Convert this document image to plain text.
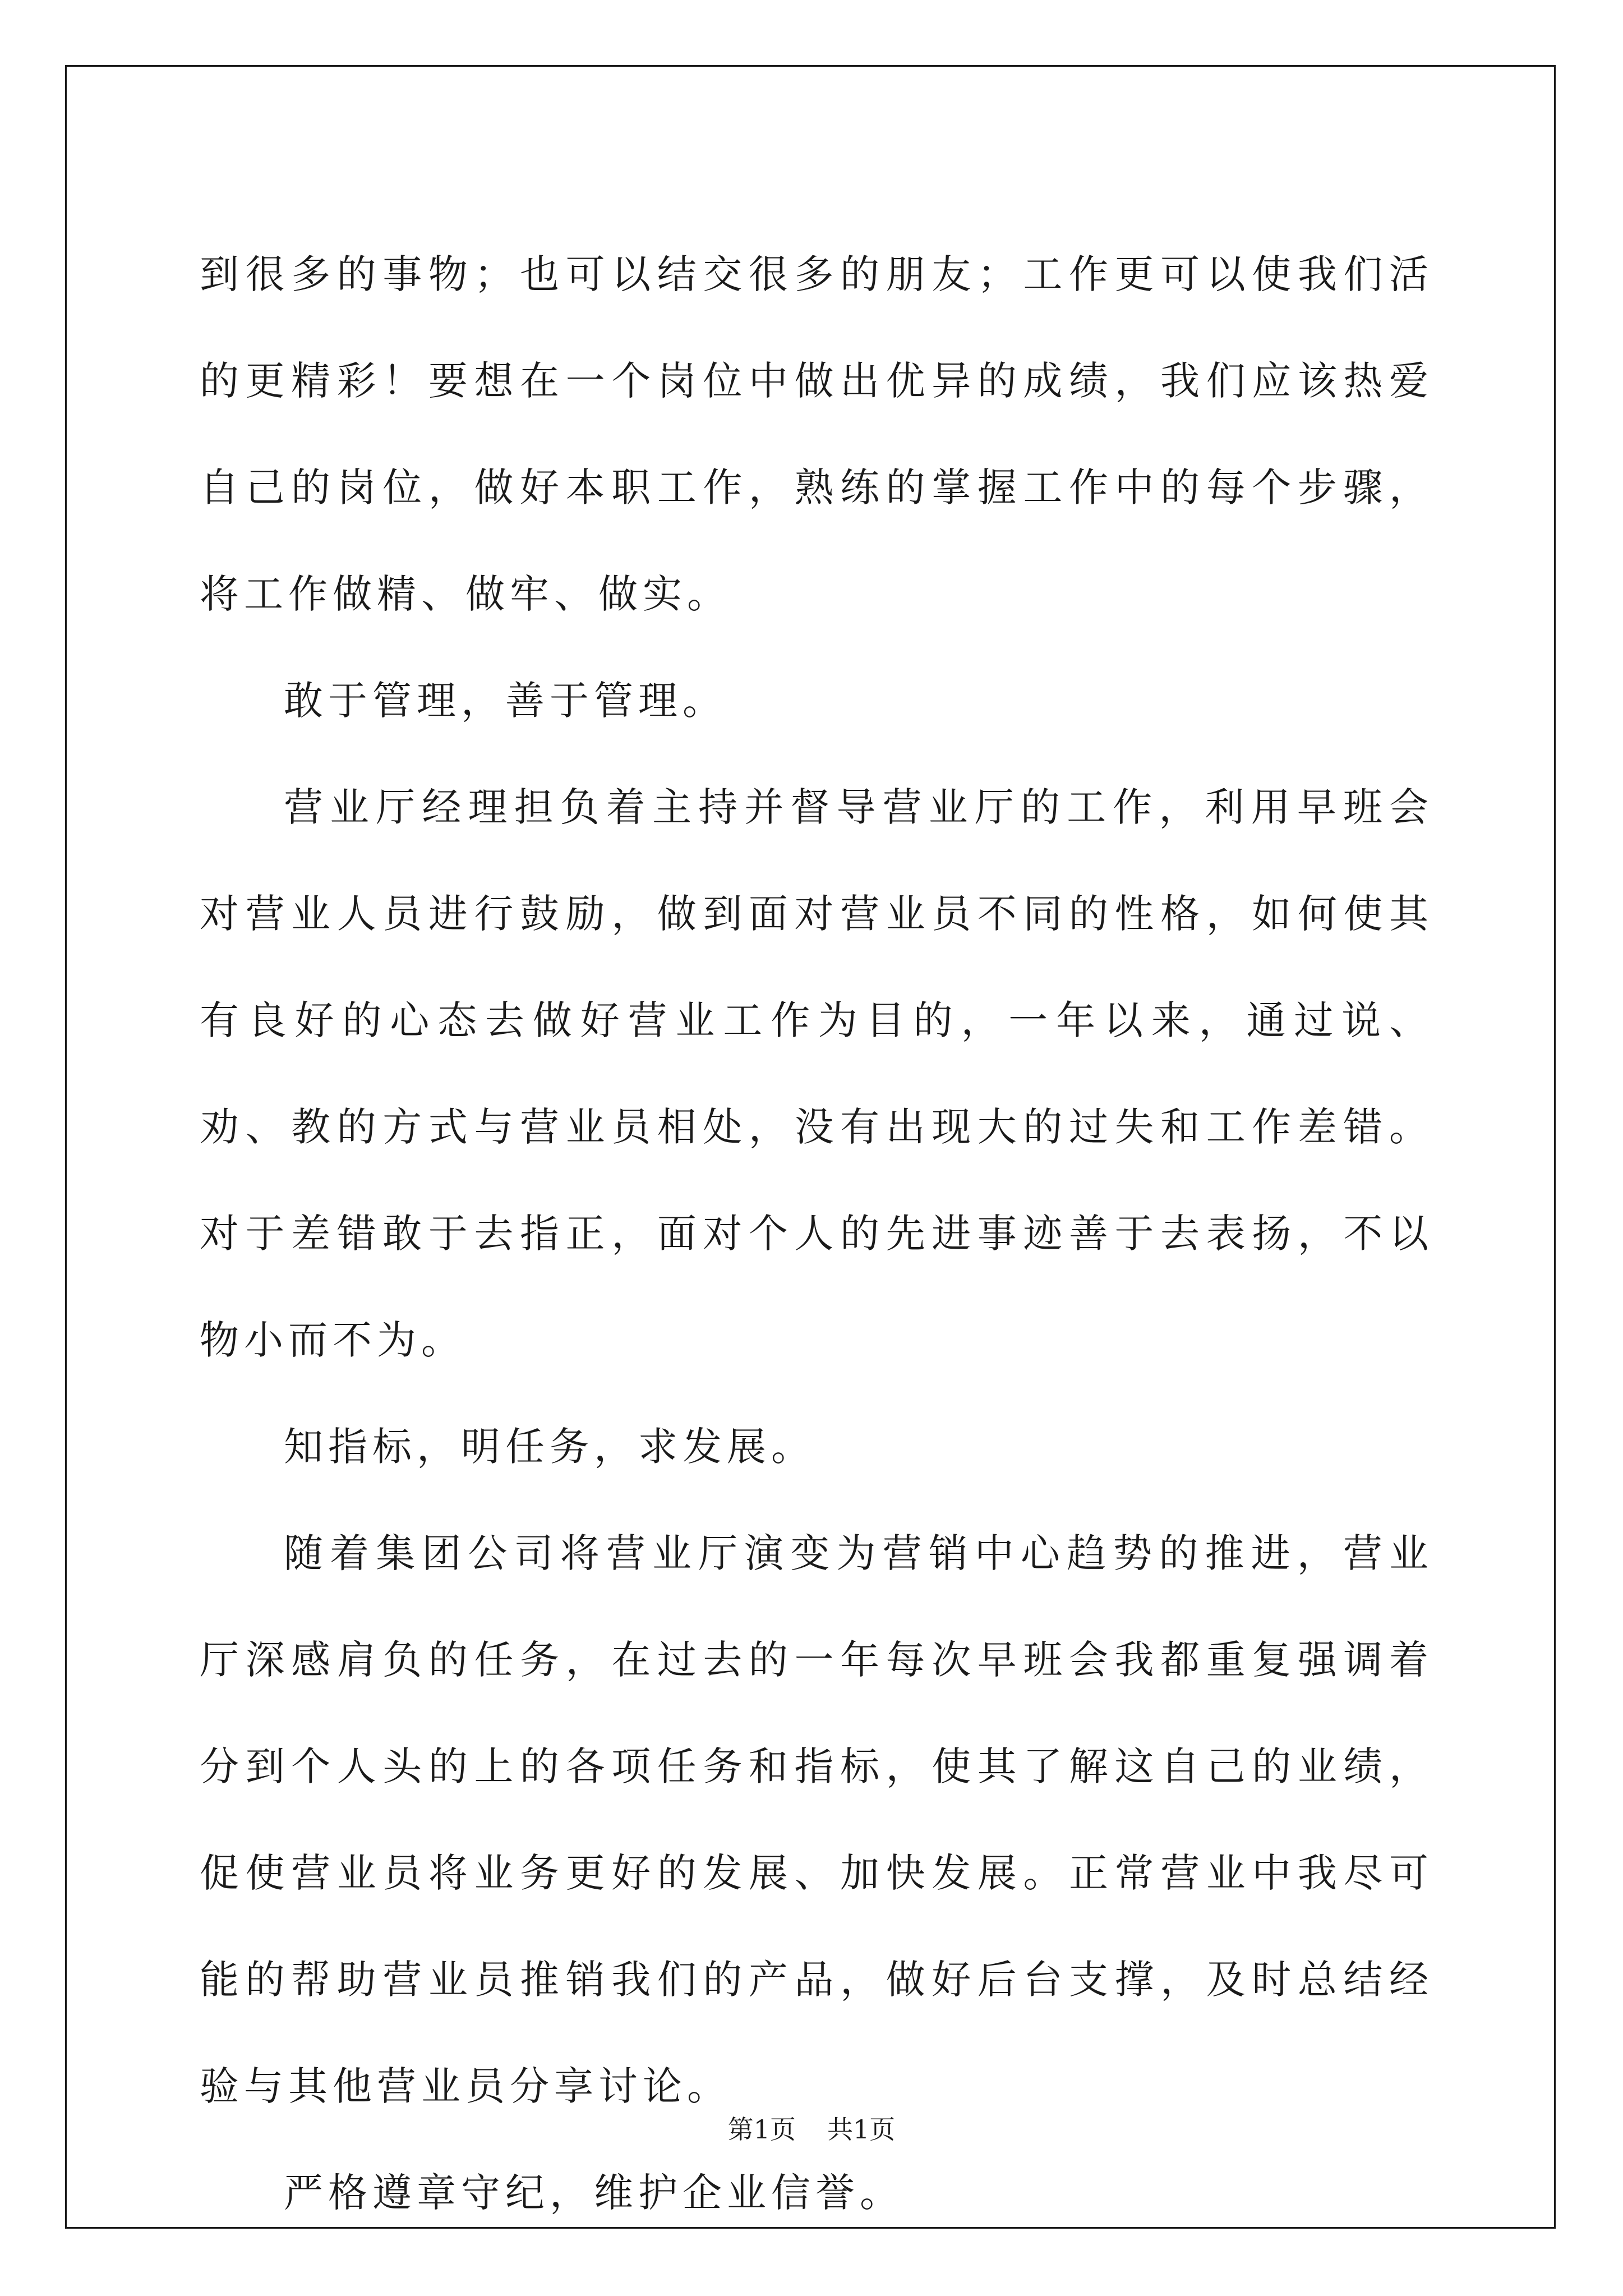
到很多的事物；也可以结交很多的朋友；工作更可以使我们活的更精彩！要想在一个岗位中做出优异的成绩，我们应该热爱自己的岗位，做好本职工作，熟练的掌握工作中的每个步骤，将工作做精、做牢、做实。

敢于管理，善于管理。

营业厅经理担负着主持并督导营业厅的工作，利用早班会对营业人员进行鼓励，做到面对营业员不同的性格，如何使其有良好的心态去做好营业工作为目的，一年以来，通过说、劝、教的方式与营业员相处，没有出现大的过失和工作差错。对于差错敢于去指正，面对个人的先进事迹善于去表扬，不以物小而不为。

知指标，明任务，求发展。

随着集团公司将营业厅演变为营销中心趋势的推进，营业厅深感肩负的任务，在过去的一年每次早班会我都重复强调着分到个人头的上的各项任务和指标，使其了解这自己的业绩，促使营业员将业务更好的发展、加快发展。正常营业中我尽可能的帮助营业员推销我们的产品，做好后台支撑，及时总结经验与其他营业员分享讨论。

严格遵章守纪，维护企业信誉。

第1页 共1页
